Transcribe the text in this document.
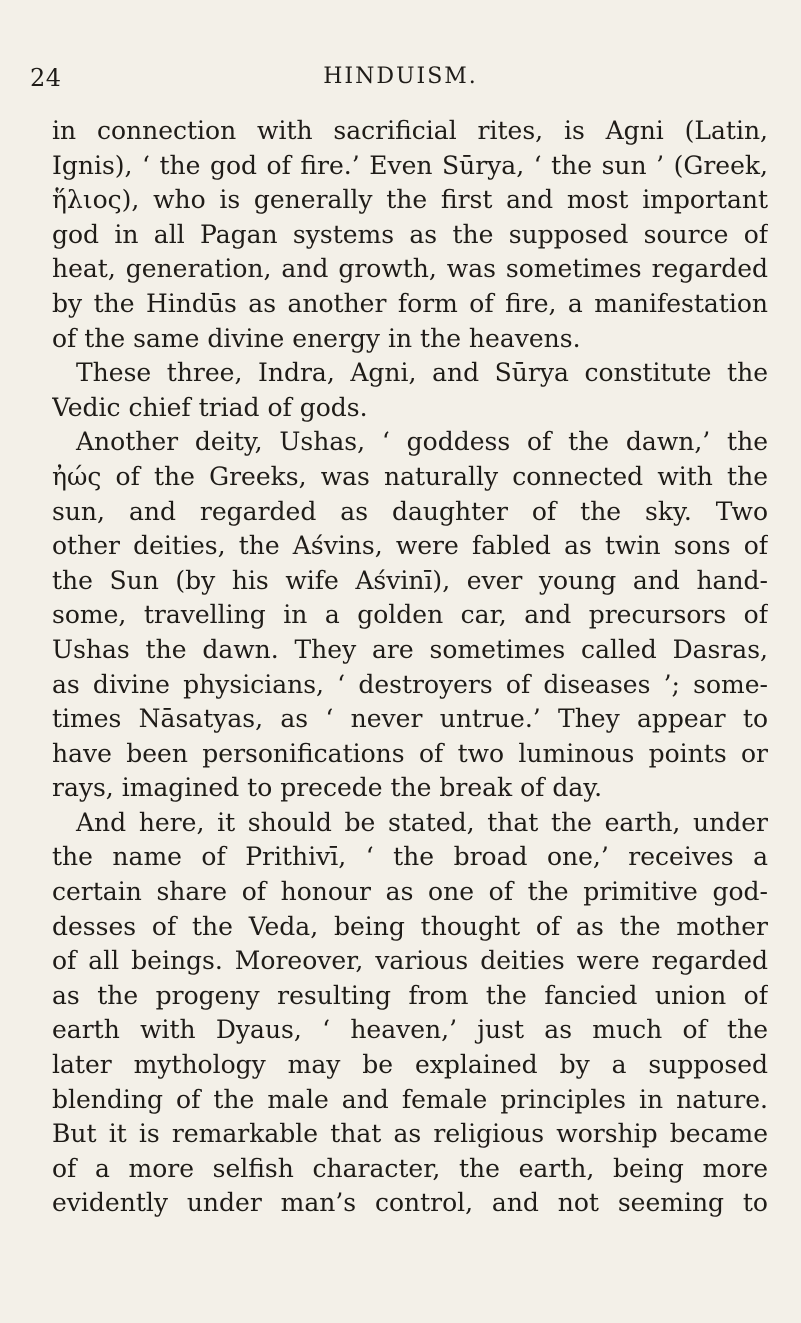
24	HINDUISM.
in connection with sacrificial rites, is Agni (Latin,
Ignis), ‘ the god of fire.’ Even Sūrya, ‘ the sun ’ (Greek,
ἥλιος), who is generally the first and most important
god in all Pagan systems as the supposed source of
heat, generation, and growth, was sometimes regarded
by the Hindūs as another form of fire, a manifestation
of the same divine energy in the heavens.
These three, Indra, Agni, and Sūrya constitute the
Vedic chief triad of gods.
Another deity, Ushas, ‘ goddess of the dawn,’ the
ἠώς of the Greeks, was naturally connected with the
sun, and regarded as daughter of the sky. Two
other deities, the Aśvins, were fabled as twin sons of
the Sun (by his wife Aśvinī), ever young and hand-
some, travelling in a golden car, and precursors of
Ushas the dawn. They are sometimes called Dasras,
as divine physicians, ‘ destroyers of diseases ’; some-
times Nāsatyas, as ‘ never untrue.’ They appear to
have been personifications of two luminous points or
rays, imagined to precede the break of day.
And here, it should be stated, that the earth, under
the name of Prithivī, ‘ the broad one,’ receives a
certain share of honour as one of the primitive god-
desses of the Veda, being thought of as the mother
of all beings. Moreover, various deities were regarded
as the progeny resulting from the fancied union of
earth with Dyaus, ‘ heaven,’ just as much of the
later mythology may be explained by a supposed
blending of the male and female principles in nature.
But it is remarkable that as religious worship became
of a more selfish character, the earth, being more
evidently under man’s control, and not seeming to
